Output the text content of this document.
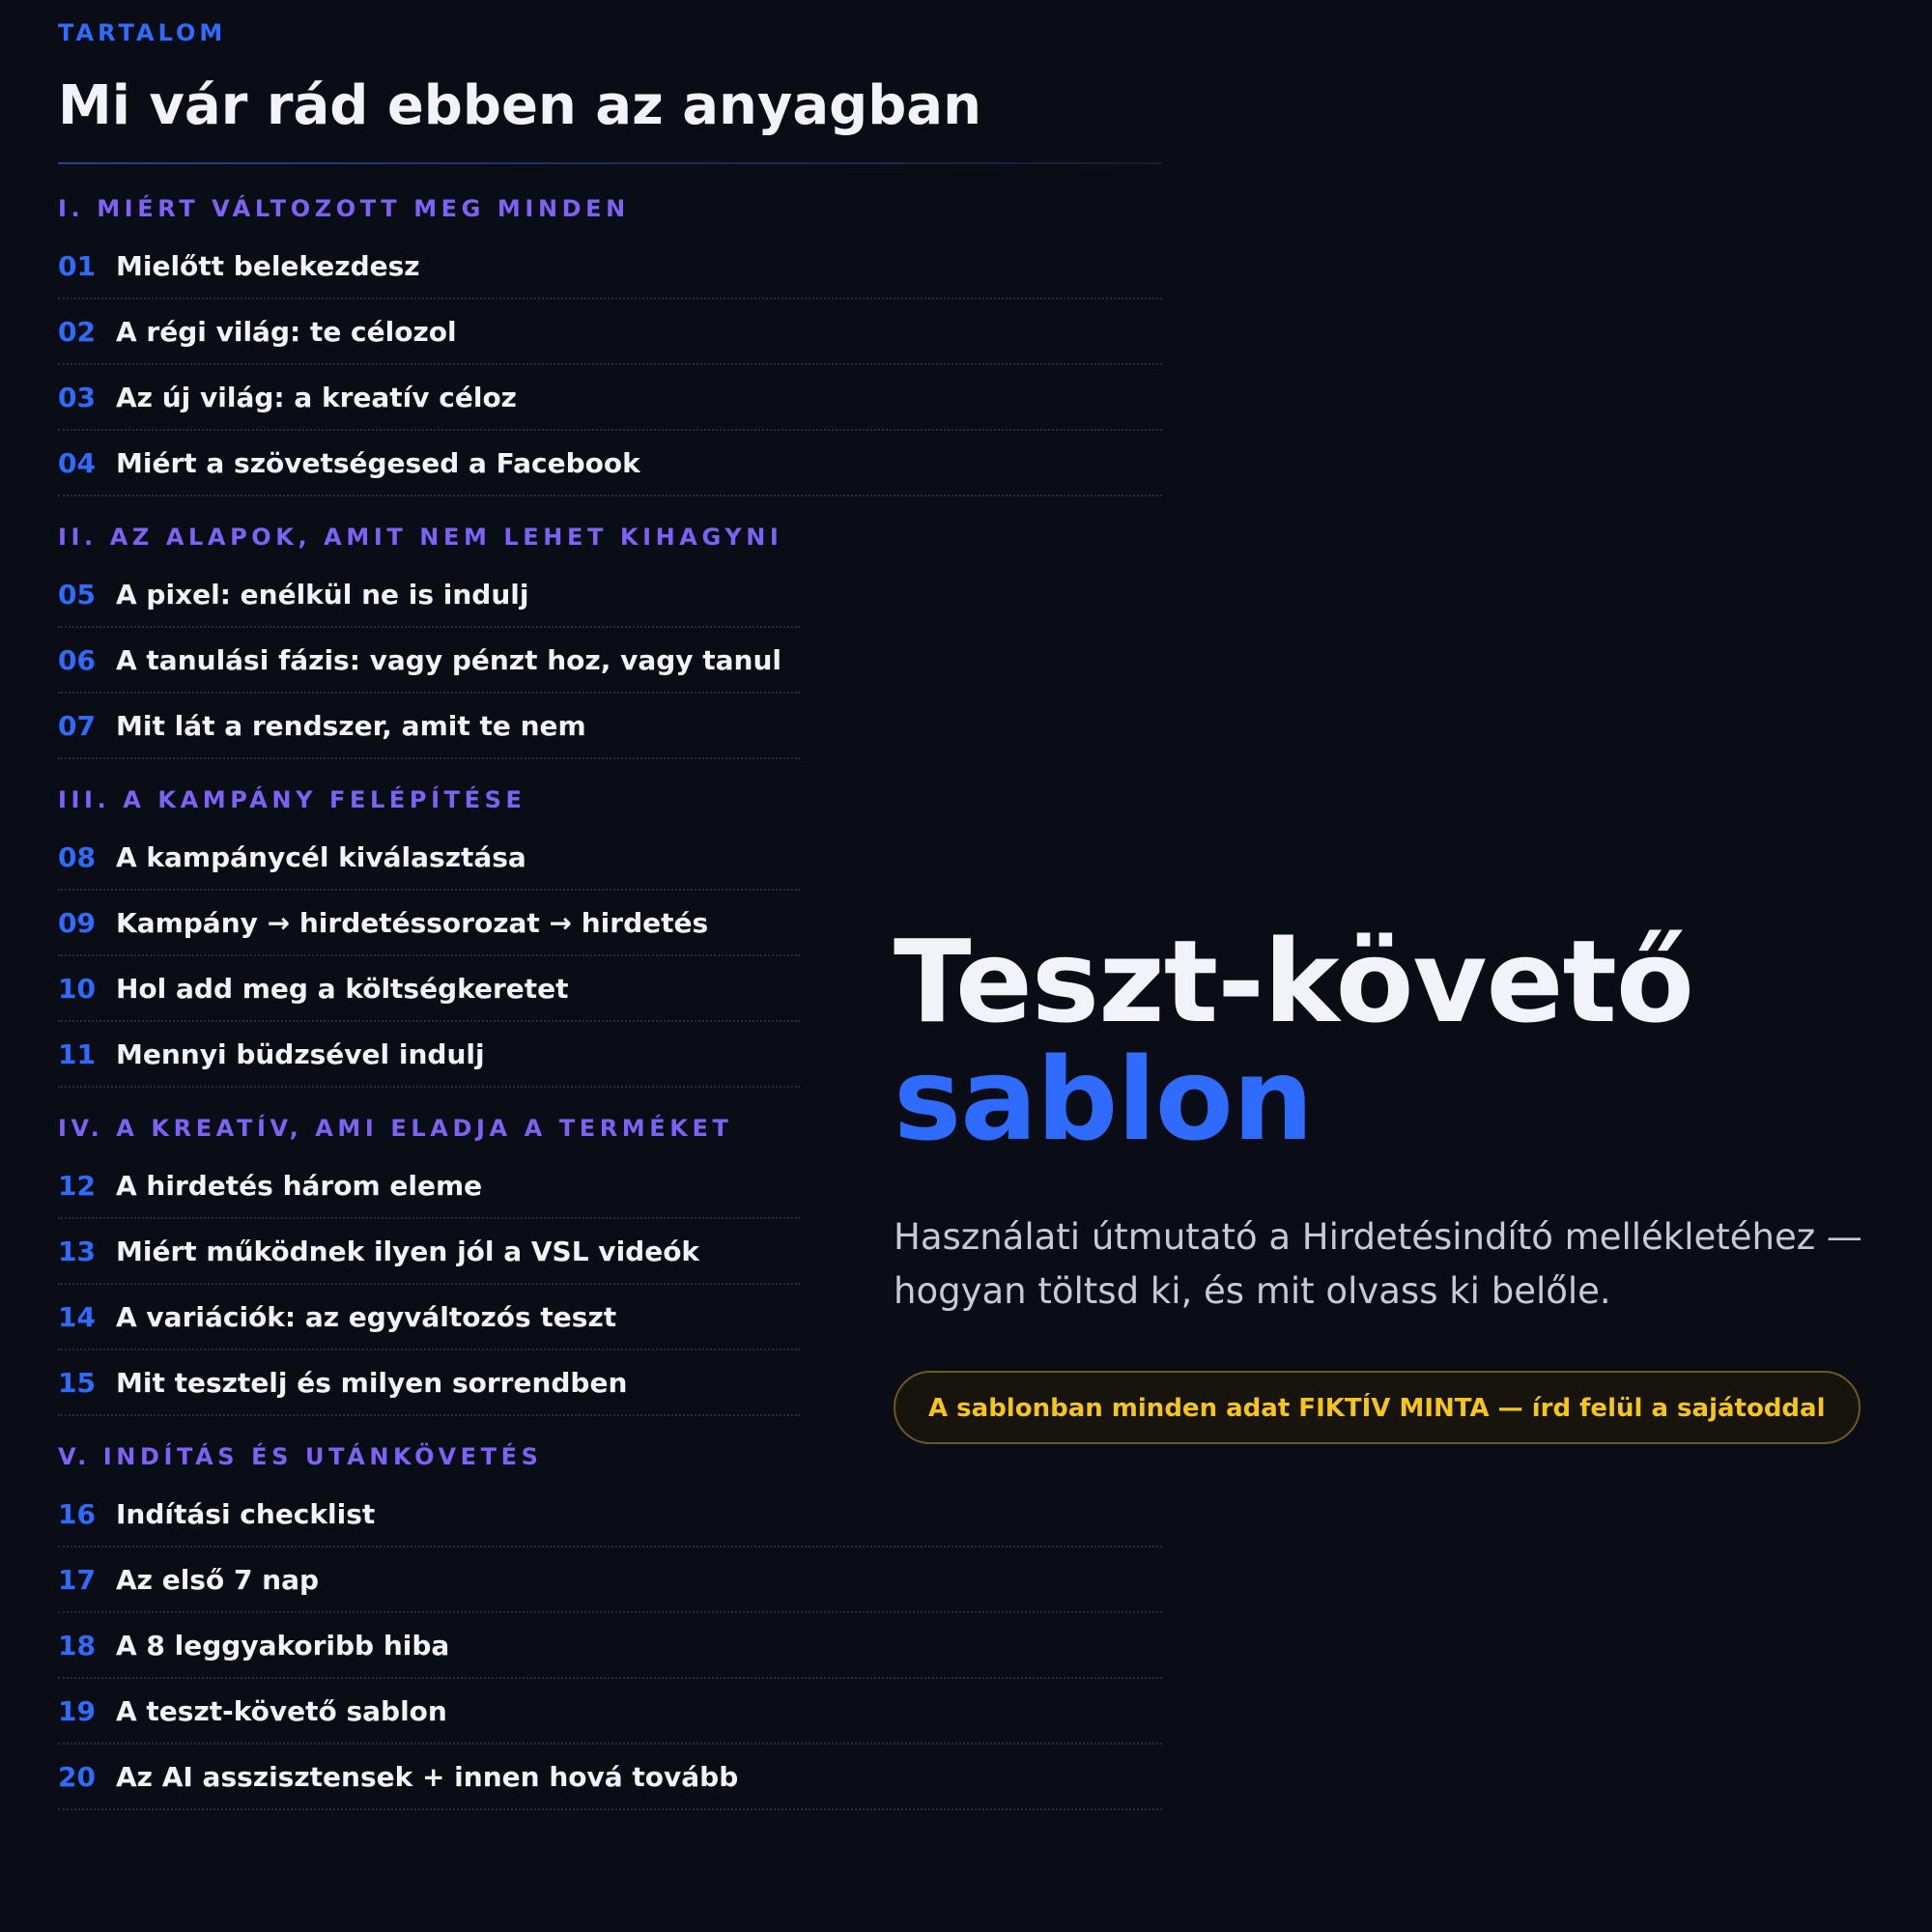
TARTALOM
Mi vár rád ebben az anyagban
I. MIÉRT VÁLTOZOTT MEG MINDEN
01 Mielőtt belekezdesz
02 A régi világ: te célozol
03 Az új világ: a kreatív céloz
04 Miért a szövetségesed a Facebook
II. AZ ALAPOK, AMIT NEM LEHET KIHAGYNI
05 A pixel: enélkül ne is indulj
06 A tanulási fázis: vagy pénzt hoz, vagy tanul
07 Mit lát a rendszer, amit te nem
III. A KAMPÁNY FELÉPÍTÉSE
08 A kampánycél kiválasztása
09 Kampány → hirdetéssorozat → hirdetés
10 Hol add meg a költségkeretet
11 Mennyi büdzsével indulj
IV. A KREATÍV, AMI ELADJA A TERMÉKET
12 A hirdetés három eleme
13 Miért működnek ilyen jól a VSL videók
14 A variációk: az egyváltozós teszt
15 Mit tesztelj és milyen sorrendben
V. INDÍTÁS ÉS UTÁNKÖVETÉS
16 Indítási checklist
17 Az első 7 nap
18 A 8 leggyakoribb hiba
19 A teszt-követő sablon
20 Az AI asszisztensek + innen hová tovább
Teszt-követő
sablon
Használati útmutató a Hirdetésindító mellékletéhez — hogyan töltsd ki, és mit olvass ki belőle.
A sablonban minden adat FIKTÍV MINTA — írd felül a sajátoddal
